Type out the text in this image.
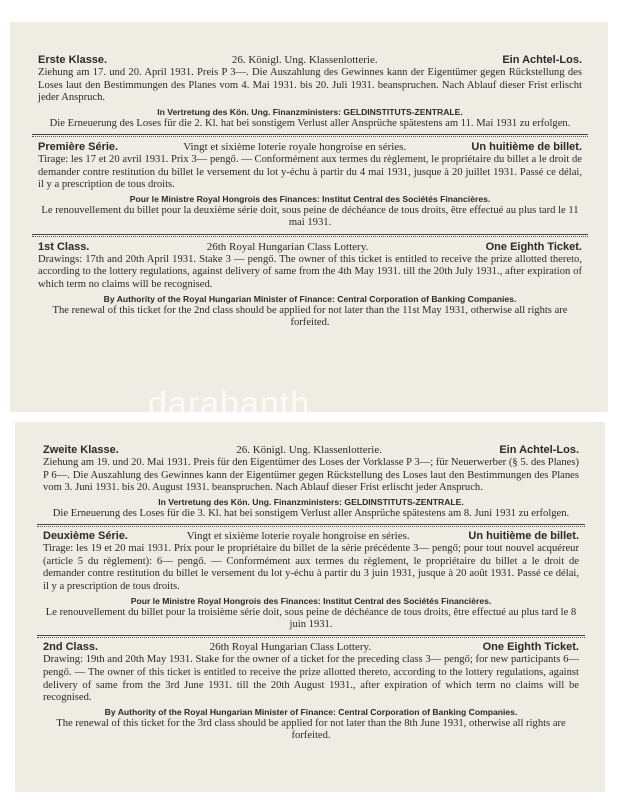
Erste Klasse.	26. Königl. Ung. Klassenlotterie.	Ein Achtel-Los.

Ziehung am 17. und 20. April 1931. Preis P 3—. Die Auszahlung des Gewinnes kann der Eigentümer gegen Rückstellung des Loses laut den Bestimmungen des Planes vom 4. Mai 1931. bis 20. Juli 1931. beanspruchen. Nach Ablauf dieser Frist erlischt jeder Anspruch.

In Vertretung des Kön. Ung. Finanzministers: GELDINSTITUTS-ZENTRALE.

Die Erneuerung des Loses für die 2. Kl. hat bei sonstigem Verlust aller Ansprüche spätestens am 11. Mai 1931 zu erfolgen.

Première Série.	Vingt et sixième loterie royale hongroise en séries.	Un huitième de billet.

Tirage: les 17 et 20 avril 1931. Prix 3— pengő. — Conformément aux termes du règlement, le propriétaire du billet a le droit de demander contre restitution du billet le versement du lot y-échu à partir du 4 mai 1931, jusque à 20 juillet 1931. Passé ce délai, il y a prescription de tous droits.

Pour le Ministre Royal Hongrois des Finances: Institut Central des Sociétés Financières.

Le renouvellement du billet pour la deuxième série doit, sous peine de déchéance de tous droits, être effectué au plus tard le 11 mai 1931.

1st Class.	26th Royal Hungarian Class Lottery.	One Eighth Ticket.

Drawings: 17th and 20th April 1931. Stake 3 — pengő. The owner of this ticket is entitled to receive the prize allotted thereto, according to the lottery regulations, against delivery of same from the 4th May 1931. till the 20th July 1931., after expiration of which term no claims will be recognised.

By Authority of the Royal Hungarian Minister of Finance: Central Corporation of Banking Companies.

The renewal of this ticket for the 2nd class should be applied for not later than the 11st May 1931, otherwise all rights are forfeited.

Zweite Klasse.	26. Königl. Ung. Klassenlotterie.	Ein Achtel-Los.

Ziehung am 19. und 20. Mai 1931. Preis für den Eigentümer des Loses der Vorklasse P 3—; für Neuerwerber (§ 5. des Planes) P 6—. Die Auszahlung des Gewinnes kann der Eigentümer gegen Rückstellung des Loses laut den Bestimmungen des Planes vom 3. Juni 1931. bis 20. August 1931. beanspruchen. Nach Ablauf dieser Frist erlischt jeder Anspruch.

In Vertretung des Kön. Ung. Finanzministers: GELDINSTITUTS-ZENTRALE.

Die Erneuerung des Loses für die 3. Kl. hat bei sonstigem Verlust aller Ansprüche spätestens am 8. Juni 1931 zu erfolgen.

Deuxième Série.	Vingt et sixième loterie royale hongroise en séries.	Un huitième de billet.

Tirage: les 19 et 20 mai 1931. Prix pour le propriétaire du billet de la série précédente 3— pengő; pour tout nouvel acquéreur (article 5 du règlement): 6— pengő. — Conformément aux termes du règlement, le propriétaire du billet a le droit de demander contre restitution du billet le versement du lot y-échu à partir du 3 juin 1931, jusque à 20 août 1931. Passé ce délai, il y a prescription de tous droits.

Pour le Ministre Royal Hongrois des Finances: Institut Central des Sociétés Financières.

Le renouvellement du billet pour la troisième série doit, sous peine de déchéance de tous droits, être effectué au plus tard le 8 juin 1931.

2nd Class.	26th Royal Hungarian Class Lottery.	One Eighth Ticket.

Drawing: 19th and 20th May 1931. Stake for the owner of a ticket for the preceding class 3— pengő; for new participants 6— pengő. — The owner of this ticket is entitled to receive the prize allotted thereto, according to the lottery regulations, against delivery of same from the 3rd June 1931. till the 20th August 1931., after expiration of which term no claims will be recognised.

By Authority of the Royal Hungarian Minister of Finance: Central Corporation of Banking Companies.

The renewal of this ticket for the 3rd class should be applied for not later than the 8th June 1931, otherwise all rights are forfeited.

darabanth
